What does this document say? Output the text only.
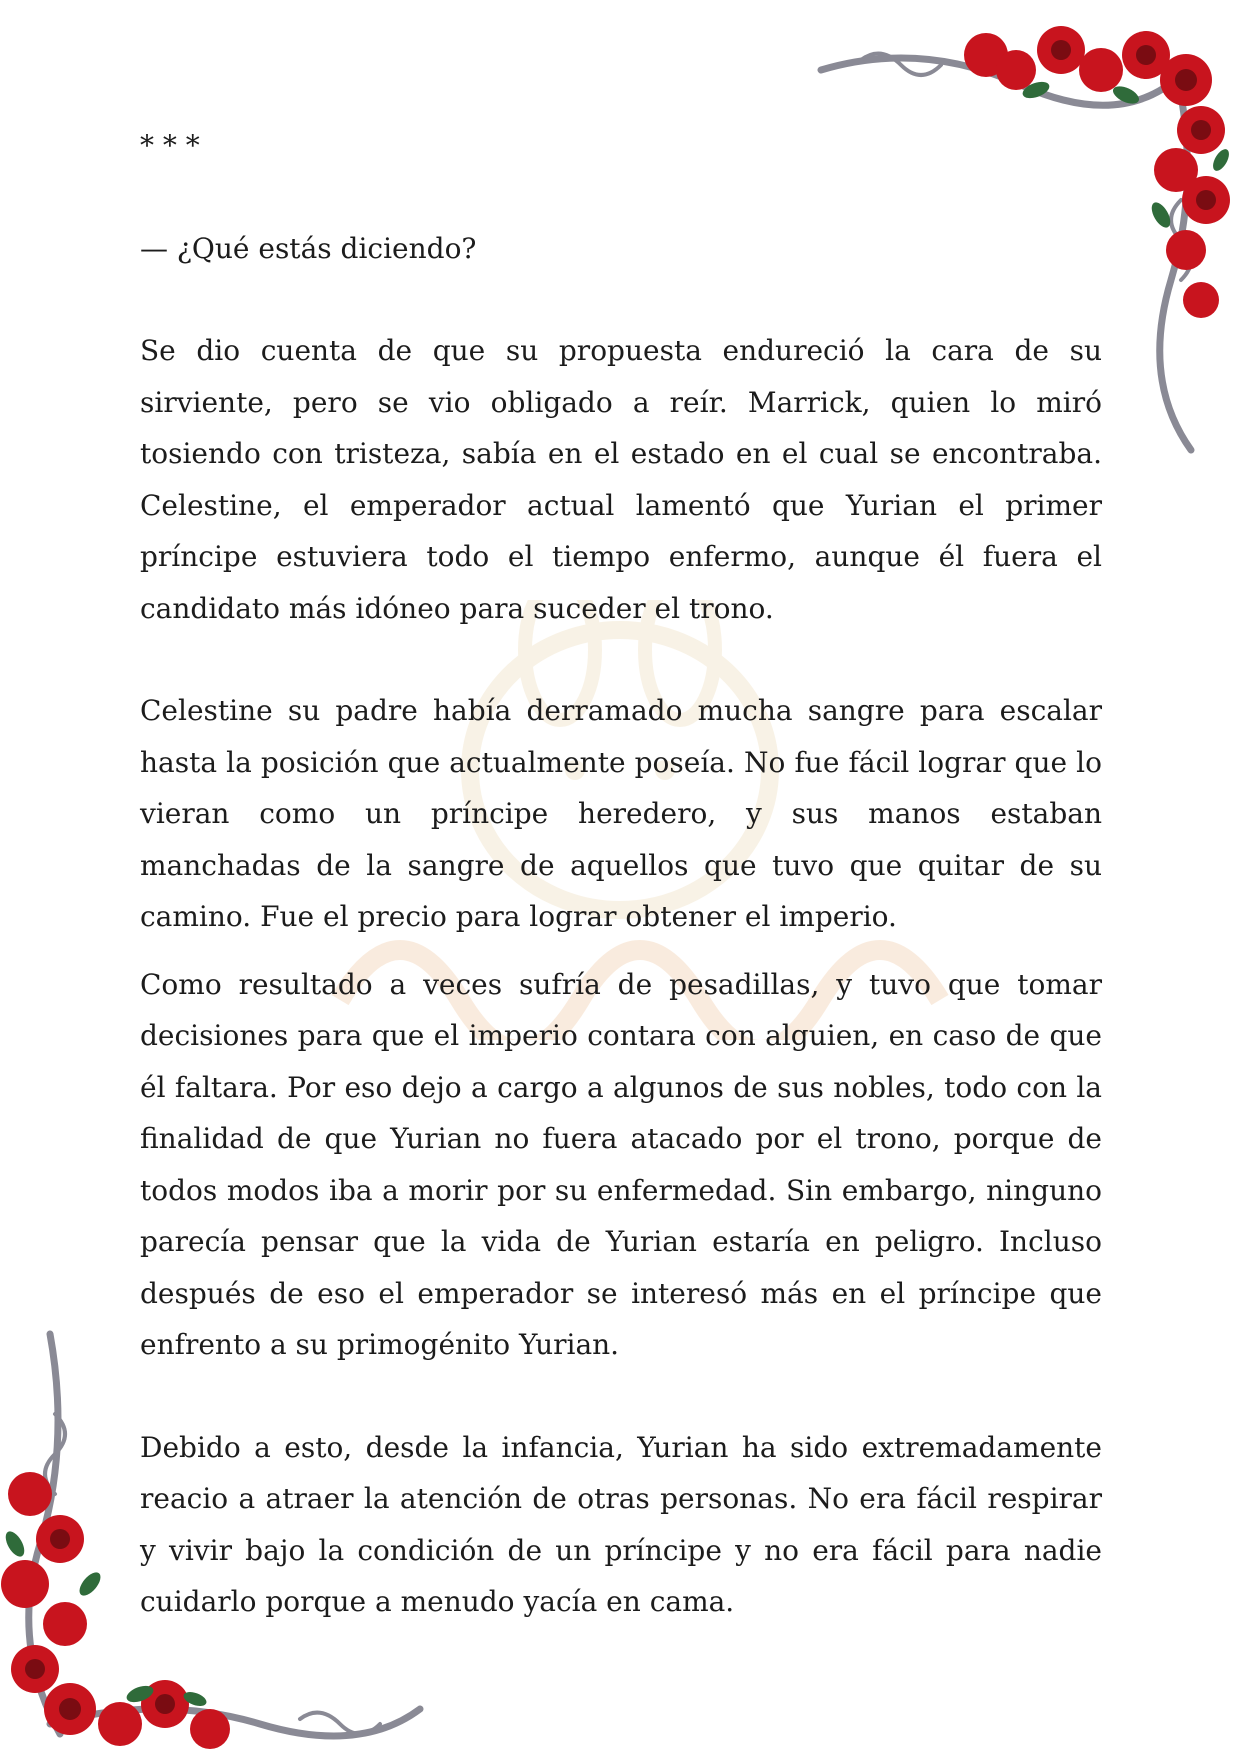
* * *

— ¿Qué estás diciendo?

Se dio cuenta de que su propuesta endureció la cara de su sirviente, pero se vio obligado a reír. Marrick, quien lo miró tosiendo con tristeza, sabía en el estado en el cual se encontraba. Celestine, el emperador actual lamentó que Yurian el primer príncipe estuviera todo el tiempo enfermo, aunque él fuera el candidato más idóneo para suceder el trono.

Celestine su padre había derramado mucha sangre para escalar hasta la posición que actualmente poseía. No fue fácil lograr que lo vieran como un príncipe heredero, y sus manos estaban manchadas de la sangre de aquellos que tuvo que quitar de su camino. Fue el precio para lograr obtener el imperio.

Como resultado a veces sufría de pesadillas, y tuvo que tomar decisiones para que el imperio contara con alguien, en caso de que él faltara. Por eso dejo a cargo a algunos de sus nobles, todo con la finalidad de que Yurian no fuera atacado por el trono, porque de todos modos iba a morir por su enfermedad. Sin embargo, ninguno parecía pensar que la vida de Yurian estaría en peligro. Incluso después de eso el emperador se interesó más en el príncipe que enfrento a su primogénito Yurian.

Debido a esto, desde la infancia, Yurian ha sido extremadamente reacio a atraer la atención de otras personas. No era fácil respirar y vivir bajo la condición de un príncipe y no era fácil para nadie cuidarlo porque a menudo yacía en cama.
